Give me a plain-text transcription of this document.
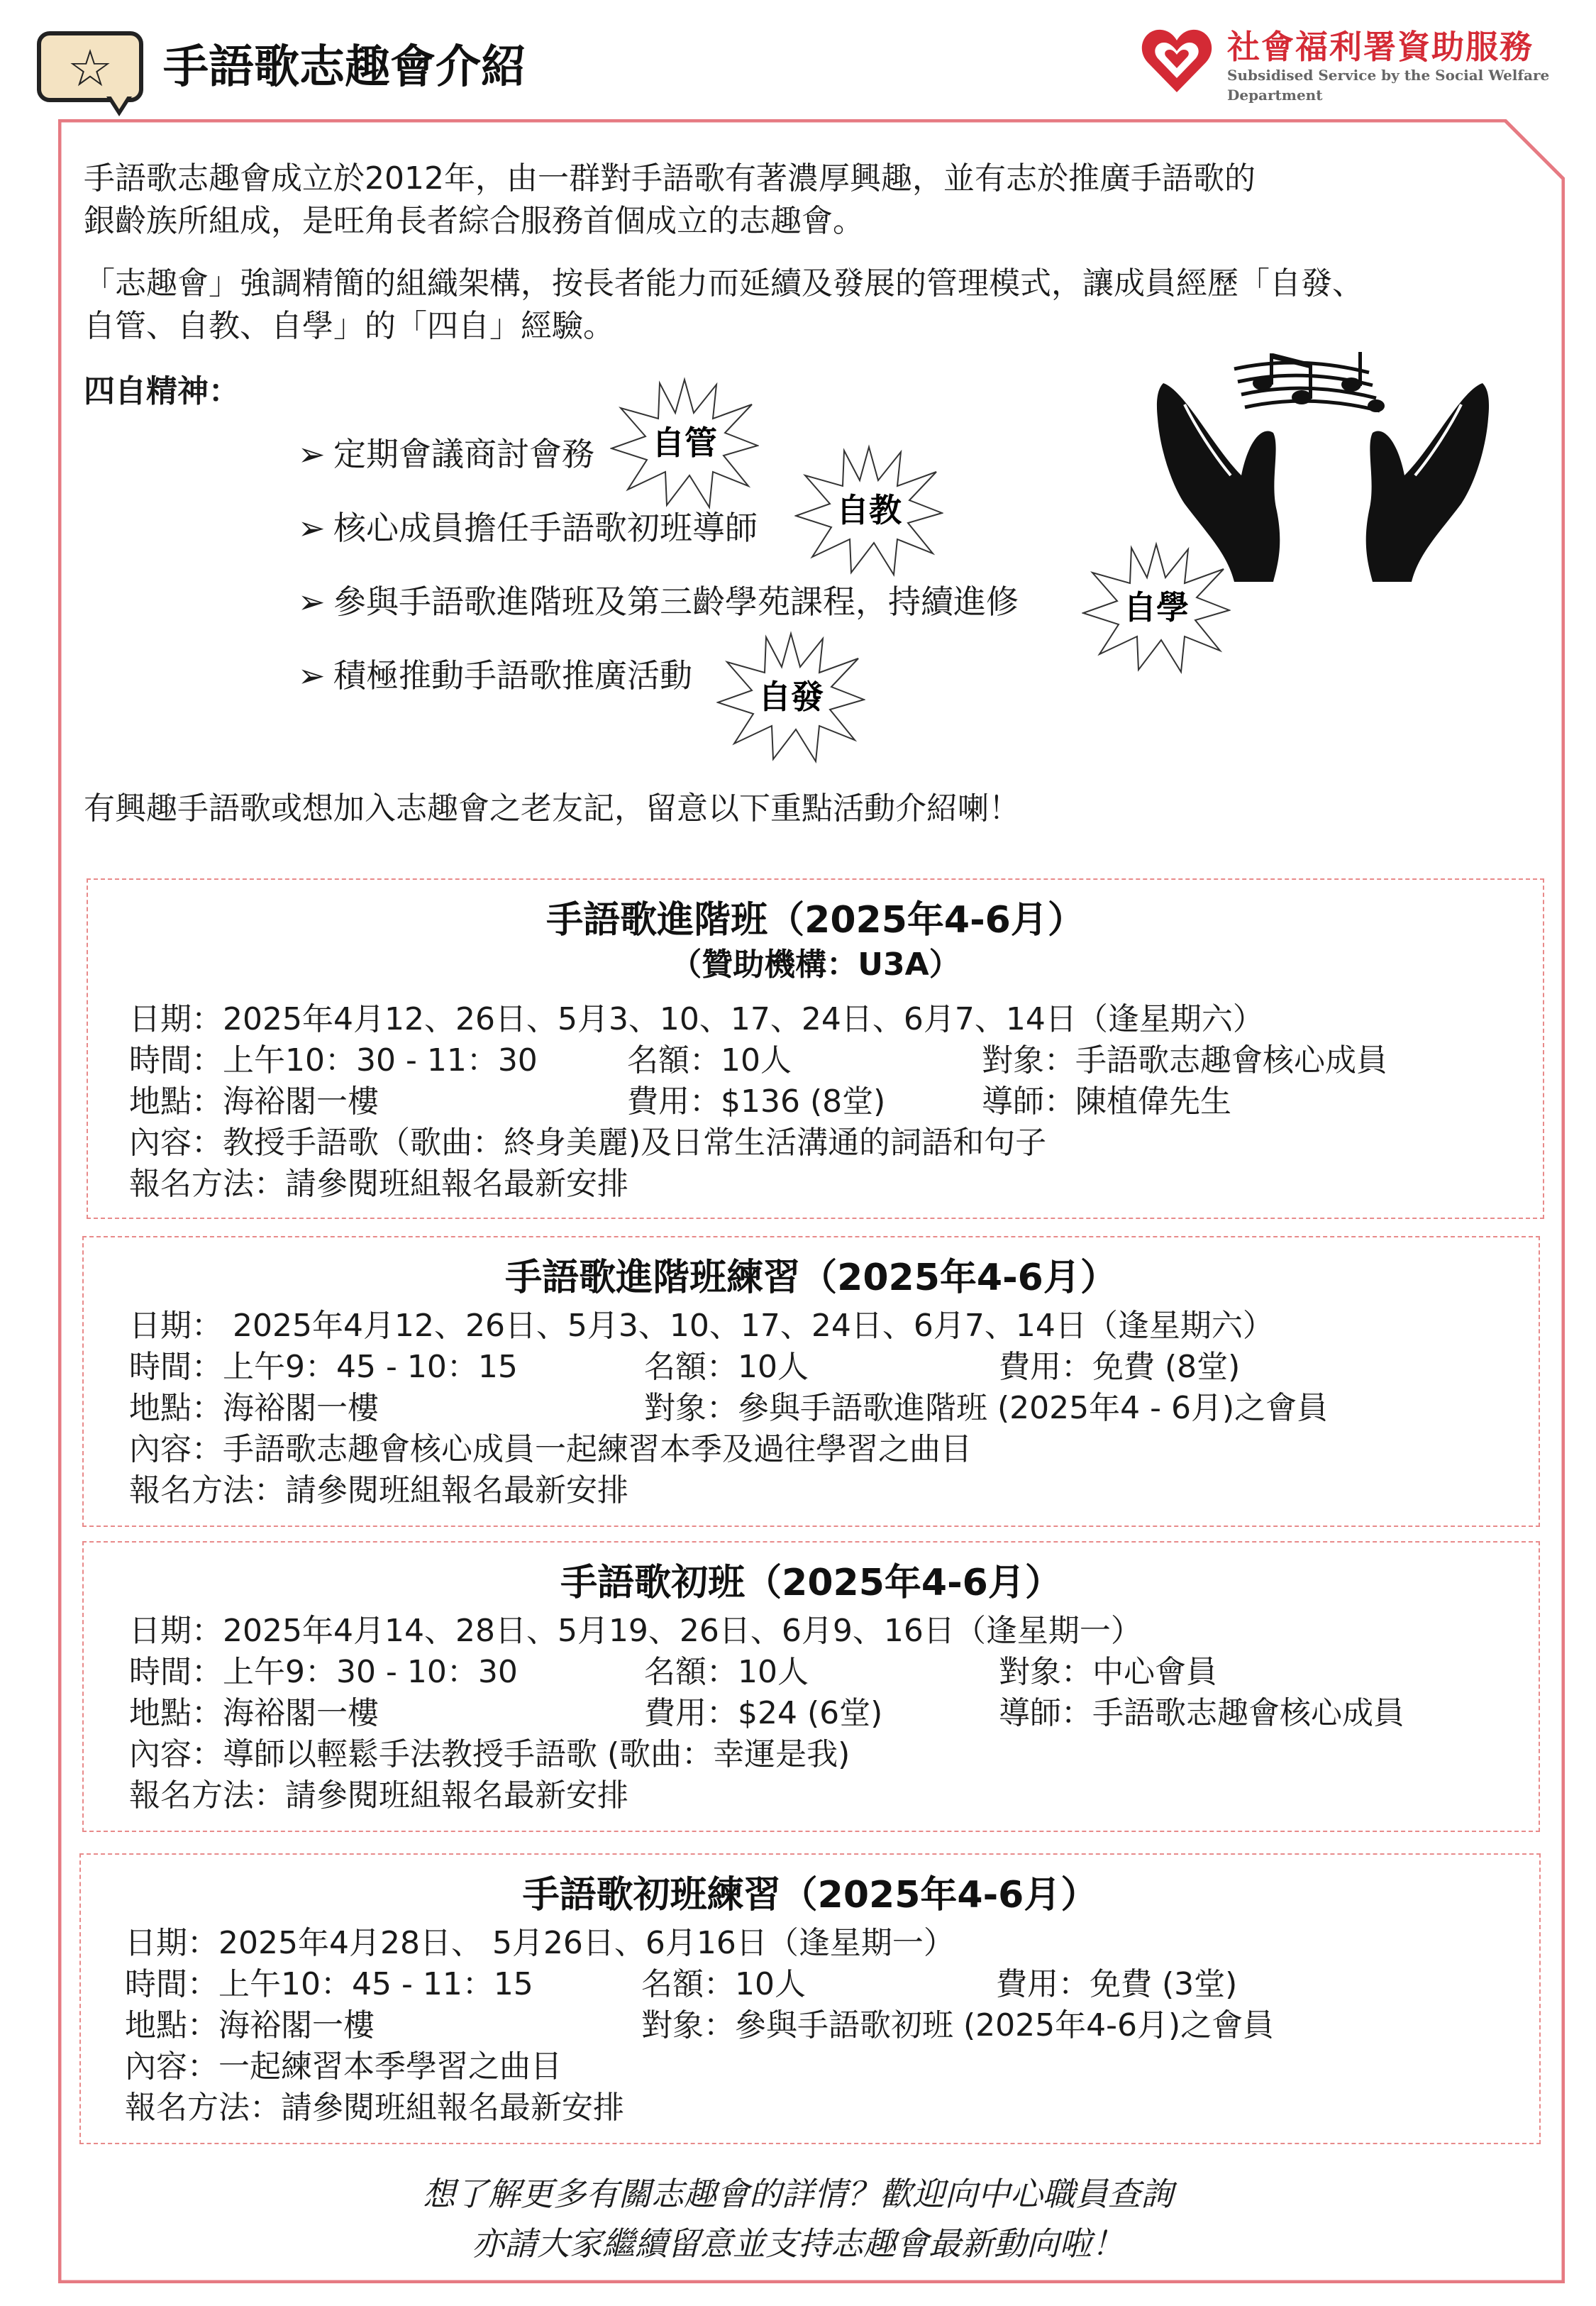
☆	手語歌志趣會介紹	社會福利署資助服務
Subsidised Service by the Social Welfare Department
手語歌志趣會成立於2012年，由一群對手語歌有著濃厚興趣，並有志於推廣手語歌的
銀齡族所組成，是旺角長者綜合服務首個成立的志趣會。
「志趣會」強調精簡的組織架構，按長者能力而延續及發展的管理模式，讓成員經歷「自發、
自管、自教、自學」的「四自」經驗。
四自精神：
➢ 定期會議商討會務
➢ 核心成員擔任手語歌初班導師
➢ 參與手語歌進階班及第三齡學苑課程，持續進修
➢ 積極推動手語歌推廣活動
自管
自教
自學
自發
有興趣手語歌或想加入志趣會之老友記，留意以下重點活動介紹喇！
手語歌進階班（2025年4-6月）
（贊助機構：U3A）
日期：2025年4月12、26日、5月3、10、17、24日、6月7、14日（逢星期六）
時間：上午10：30 - 11：30	名額：10人	對象：手語歌志趣會核心成員
地點：海裕閣一樓	費用：$136 (8堂)	導師：陳植偉先生
內容：教授手語歌（歌曲：終身美麗)及日常生活溝通的詞語和句子
報名方法：請參閱班組報名最新安排
手語歌進階班練習（2025年4-6月）
日期： 2025年4月12、26日、5月3、10、17、24日、6月7、14日（逢星期六）
時間：上午9：45 - 10：15	名額：10人	費用：免費 (8堂)
地點：海裕閣一樓	對象：參與手語歌進階班 (2025年4 - 6月)之會員
內容：手語歌志趣會核心成員一起練習本季及過往學習之曲目
報名方法：請參閱班組報名最新安排
手語歌初班（2025年4-6月）
日期：2025年4月14、28日、5月19、26日、6月9、16日（逢星期一）
時間：上午9：30 - 10：30	名額：10人	對象：中心會員
地點：海裕閣一樓	費用：$24 (6堂)	導師：手語歌志趣會核心成員
內容：導師以輕鬆手法教授手語歌 (歌曲：幸運是我)
報名方法：請參閱班組報名最新安排
手語歌初班練習（2025年4-6月）
日期：2025年4月28日、 5月26日、6月16日（逢星期一）
時間：上午10：45 - 11：15	名額：10人	費用：免費 (3堂)
地點：海裕閣一樓	對象：參與手語歌初班 (2025年4-6月)之會員
內容：一起練習本季學習之曲目
報名方法：請參閱班組報名最新安排
想了解更多有關志趣會的詳情？歡迎向中心職員查詢
亦請大家繼續留意並支持志趣會最新動向啦！
